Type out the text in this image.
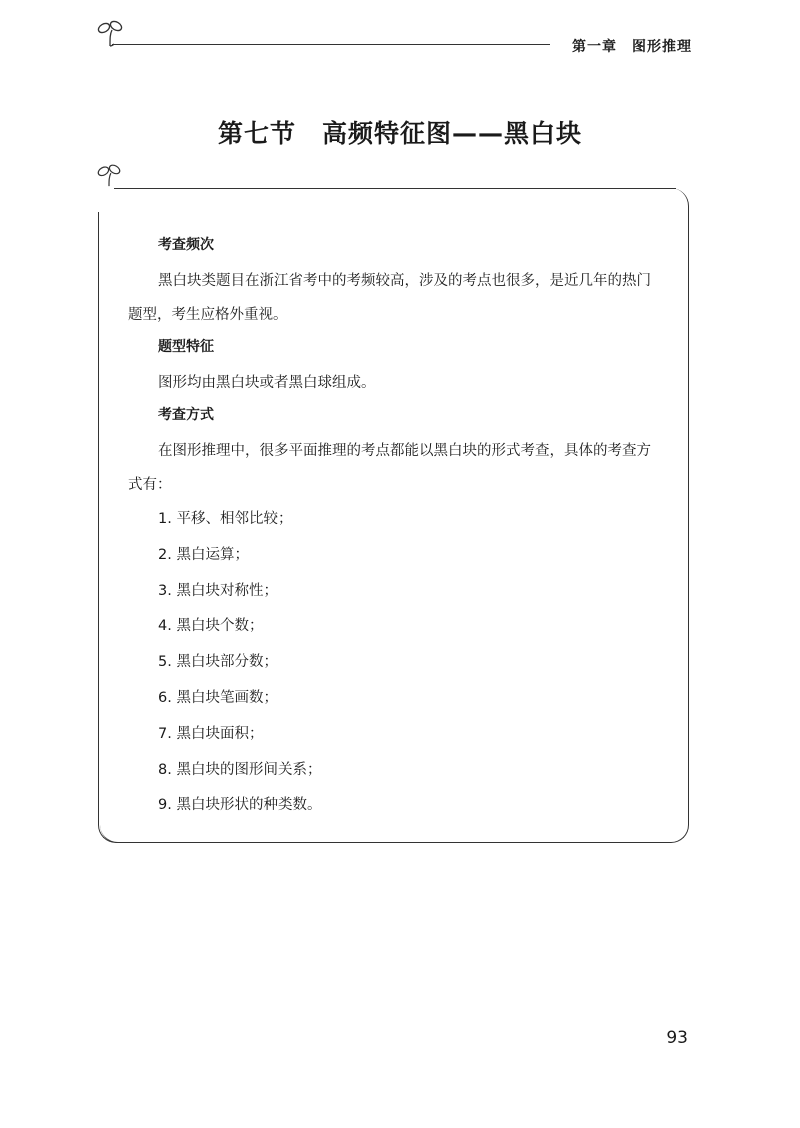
第一章　图形推理
第七节　高频特征图——黑白块
考查频次
黑白块类题目在浙江省考中的考频较高，涉及的考点也很多，是近几年的热门题型，考生应格外重视。
题型特征
图形均由黑白块或者黑白球组成。
考查方式
在图形推理中，很多平面推理的考点都能以黑白块的形式考查，具体的考查方式有：
1. 平移、相邻比较；
2. 黑白运算；
3. 黑白块对称性；
4. 黑白块个数；
5. 黑白块部分数；
6. 黑白块笔画数；
7. 黑白块面积；
8. 黑白块的图形间关系；
9. 黑白块形状的种类数。
93
